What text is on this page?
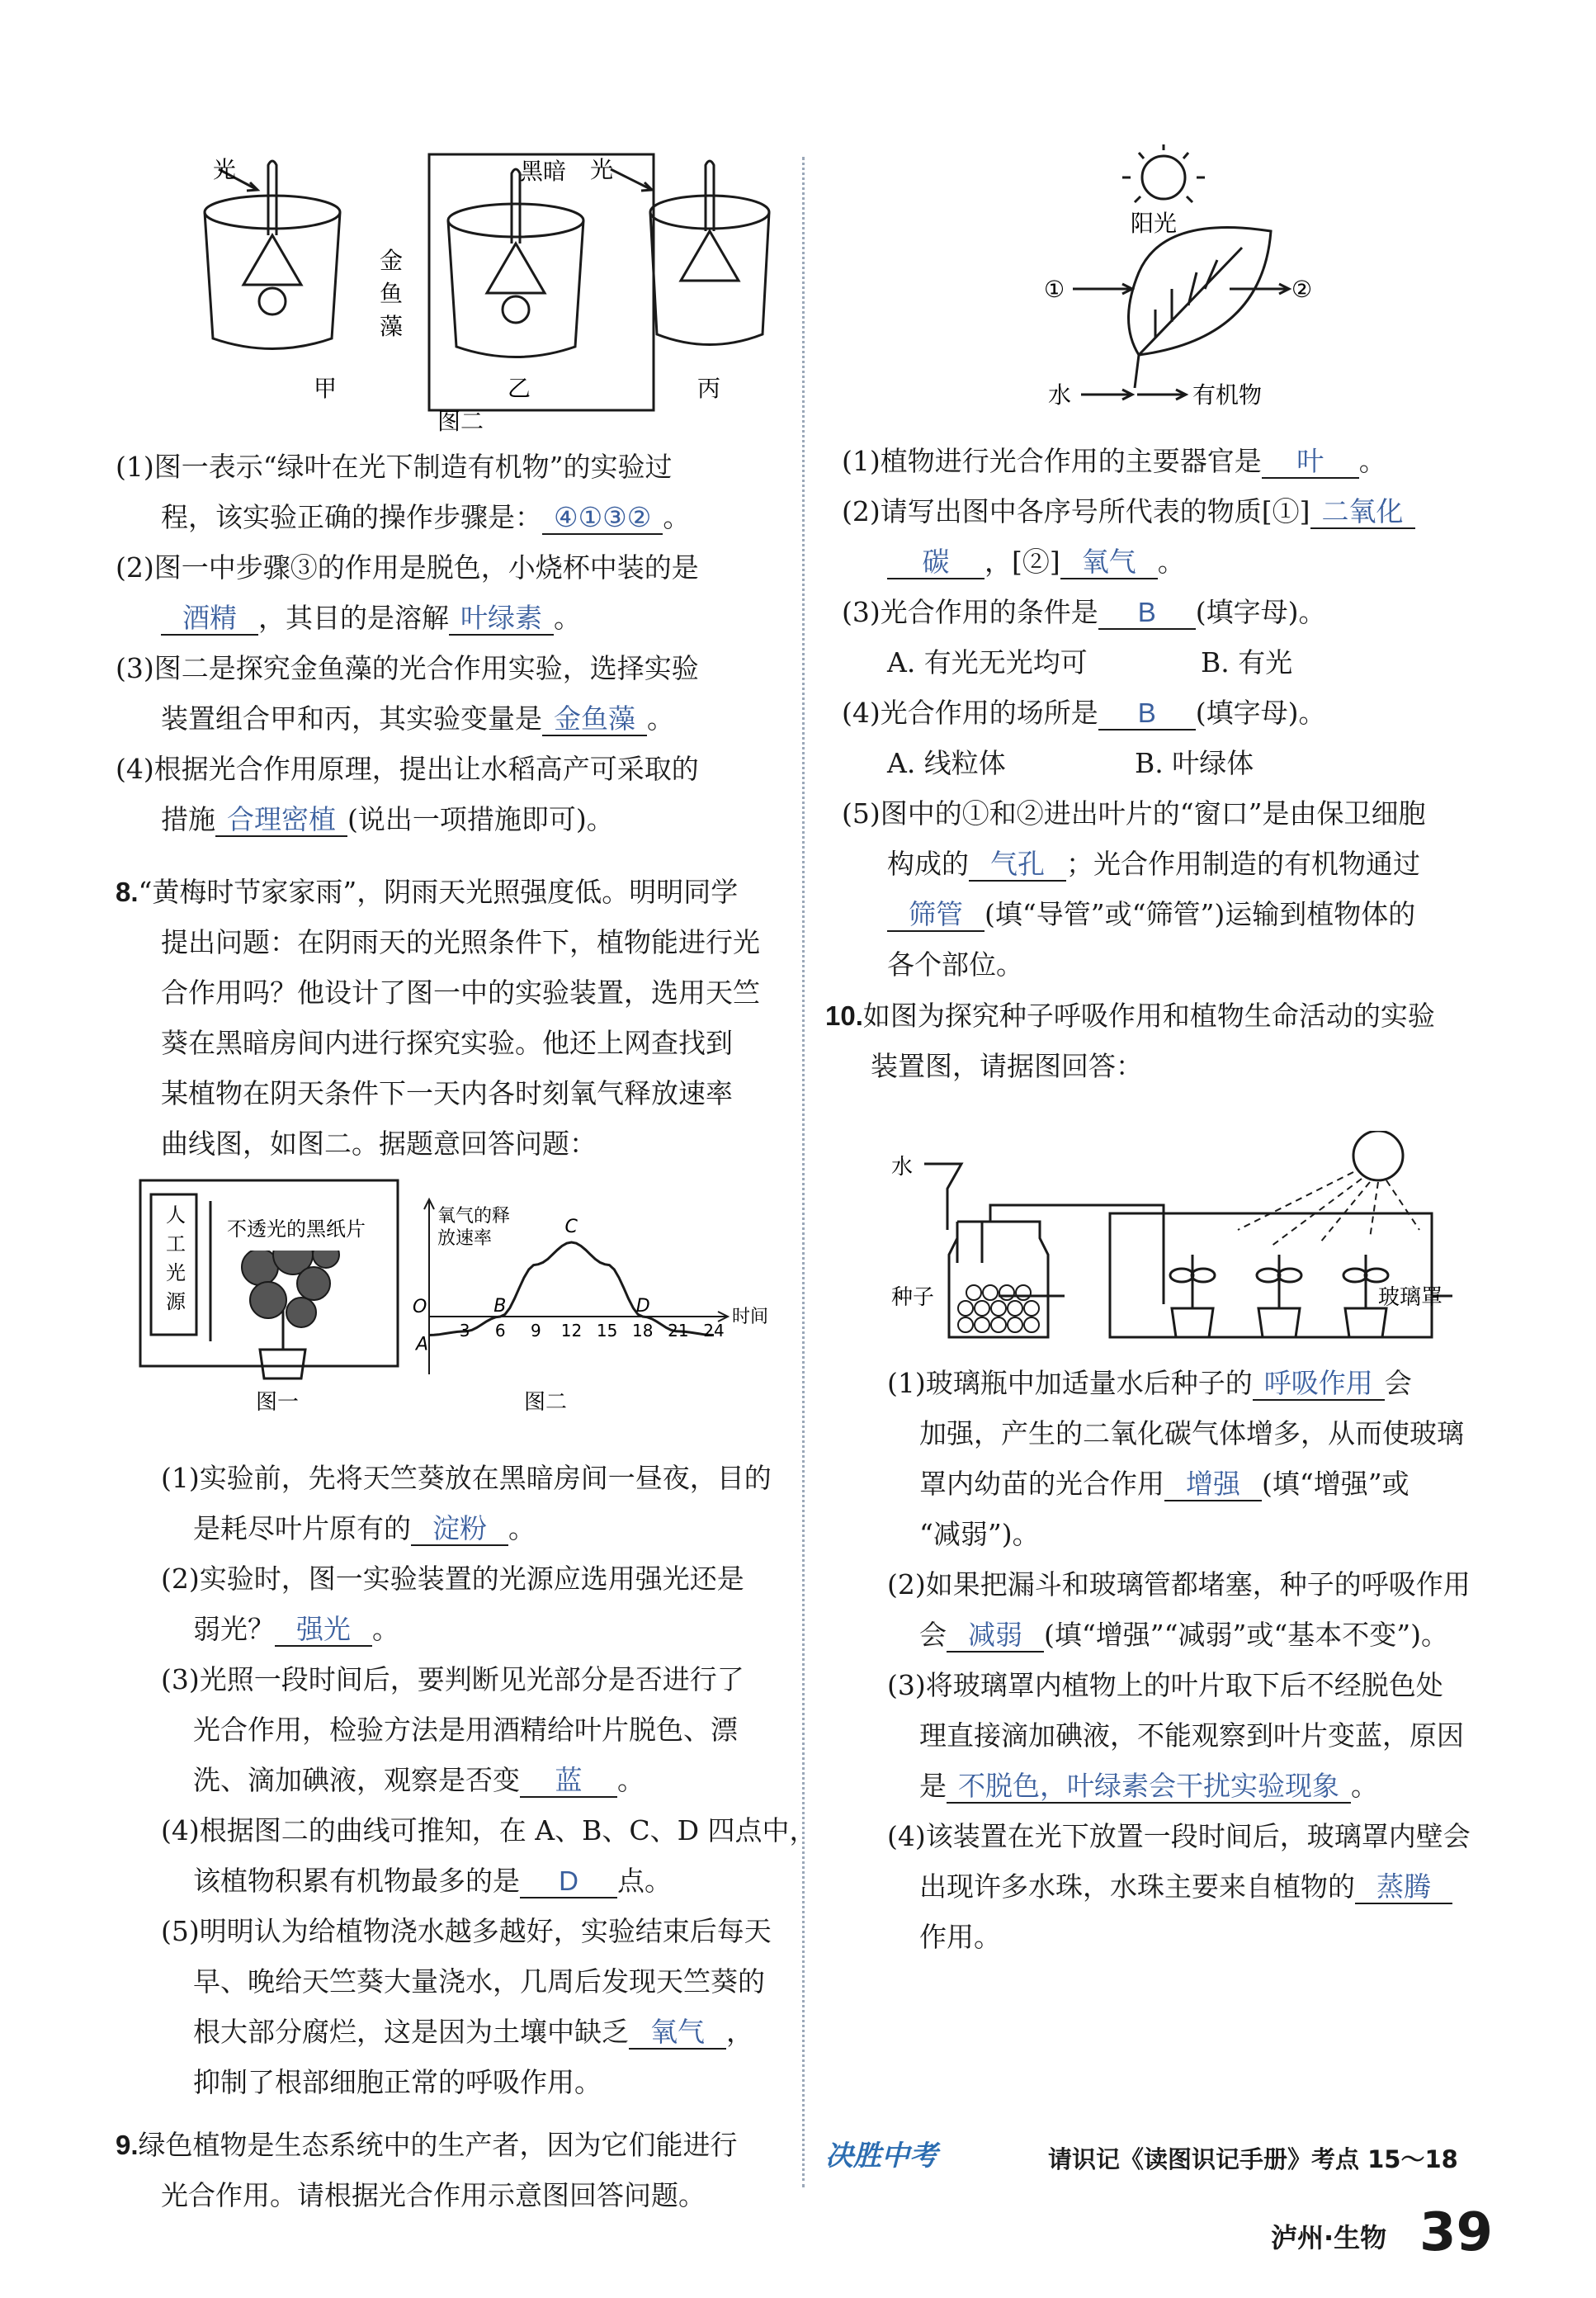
光	光
黑暗
金
鱼
藻
甲	乙	丙
图二
(1)图一表示“绿叶在光下制造有机物”的实验过
程，该实验正确的操作步骤是： ④①③② 。
(2)图一中步骤③的作用是脱色，小烧杯中装的是
酒精 ，其目的是溶解 叶绿素 。
(3)图二是探究金鱼藻的光合作用实验，选择实验
装置组合甲和丙，其实验变量是 金鱼藻 。
(4)根据光合作用原理，提出让水稻高产可采取的
措施 合理密植 (说出一项措施即可)。
8.“黄梅时节家家雨”，阴雨天光照强度低。明明同学
提出问题：在阴雨天的光照条件下，植物能进行光
合作用吗？他设计了图一中的实验装置，选用天竺
葵在黑暗房间内进行探究实验。他还上网查找到
某植物在阴天条件下一天内各时刻氧气释放速率
曲线图，如图二。据题意回答问题：
人
工
光
源
不透光的黑纸片
图一
氧气的释
放速率
时间
O
3 6 9 12 15 18 21 24
A
B
C
D
图二
(1)实验前，先将天竺葵放在黑暗房间一昼夜，目的
是耗尽叶片原有的 淀粉 。
(2)实验时，图一实验装置的光源应选用强光还是
弱光？ 强光 。
(3)光照一段时间后，要判断见光部分是否进行了
光合作用，检验方法是用酒精给叶片脱色、漂
洗、滴加碘液，观察是否变 蓝 。
(4)根据图二的曲线可推知，在 A、B、C、D 四点中，
该植物积累有机物最多的是 D 点。
(5)明明认为给植物浇水越多越好，实验结束后每天
早、晚给天竺葵大量浇水，几周后发现天竺葵的
根大部分腐烂，这是因为土壤中缺乏 氧气 ，
抑制了根部细胞正常的呼吸作用。
9.绿色植物是生态系统中的生产者，因为它们能进行
光合作用。请根据光合作用示意图回答问题。
阳光
①	②
水	有机物
(1)植物进行光合作用的主要器官是 叶 。
(2)请写出图中各序号所代表的物质[①] 二氧化
碳 ，[②] 氧气 。
(3)光合作用的条件是 B (填字母)。
A. 有光无光均可	B. 有光
(4)光合作用的场所是 B (填字母)。
A. 线粒体	B. 叶绿体
(5)图中的①和②进出叶片的“窗口”是由保卫细胞
构成的 气孔 ；光合作用制造的有机物通过
筛管 (填“导管”或“筛管”)运输到植物体的
各个部位。
10.如图为探究种子呼吸作用和植物生命活动的实验
装置图，请据图回答：
水
种子	玻璃罩
(1)玻璃瓶中加适量水后种子的 呼吸作用 会
加强，产生的二氧化碳气体增多，从而使玻璃
罩内幼苗的光合作用 增强 (填“增强”或
“减弱”)。
(2)如果把漏斗和玻璃管都堵塞，种子的呼吸作用
会 减弱 (填“增强”“减弱”或“基本不变”)。
(3)将玻璃罩内植物上的叶片取下后不经脱色处
理直接滴加碘液，不能观察到叶片变蓝，原因
是 不脱色，叶绿素会干扰实验现象 。
(4)该装置在光下放置一段时间后，玻璃罩内壁会
出现许多水珠，水珠主要来自植物的 蒸腾
作用。
决胜中考	请识记《读图识记手册》考点 15～18
泸州·生物 39
